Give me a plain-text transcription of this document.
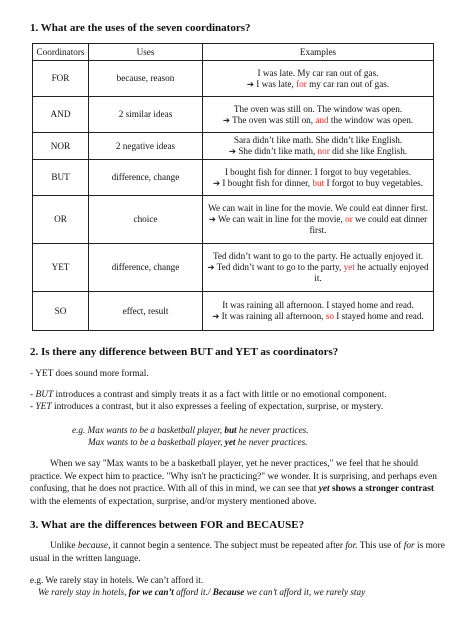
1. What are the uses of the seven coordinators?

Coordinators	Uses	Examples
FOR	because, reason	I was late. My car ran out of gas.
➔ I was late, for my car ran out of gas.
AND	2 similar ideas	The oven was still on. The window was open.
➔ The oven was still on, and the window was open.
NOR	2 negative ideas	Sara didn’t like math. She didn’t like English.
➔ She didn’t like math, nor did she like English.
BUT	difference, change	I bought fish for dinner. I forgot to buy vegetables.
➔ I bought fish for dinner, but I forgot to buy vegetables.
OR	choice	We can wait in line for the movie. We could eat dinner first.
➔ We can wait in line for the movie, or we could eat dinner first.
YET	difference, change	Ted didn’t want to go to the party. He actually enjoyed it.
➔ Ted didn’t want to go to the party, yet he actually enjoyed it.
SO	effect, result	It was raining all afternoon. I stayed home and read.
➔ It was raining all afternoon, so I stayed home and read.

2. Is there any difference between BUT and YET as coordinators?

- YET does sound more formal.

- BUT introduces a contrast and simply treats it as a fact with little or no emotional component.

- YET introduces a contrast, but it also expresses a feeling of expectation, surprise, or mystery.

e.g. Max wants to be a basketball player, but he never practices.

Max wants to be a basketball player, yet he never practices.

When we say "Max wants to be a basketball player, yet he never practices," we feel that he should practice. We expect him to practice. "Why isn't he practicing?" we wonder. It is surprising, and perhaps even confusing, that he does not practice. With all of this in mind, we can see that yet shows a stronger contrast with the elements of expectation, surprise, and/or mystery mentioned above.

3. What are the differences between FOR and BECAUSE?

Unlike because, it cannot begin a sentence. The subject must be repeated after for. This use of for is more usual in the written language.

e.g. We rarely stay in hotels. We can’t afford it.

We rarely stay in hotels, for we can’t afford it./ Because we can’t afford it, we rarely stay
